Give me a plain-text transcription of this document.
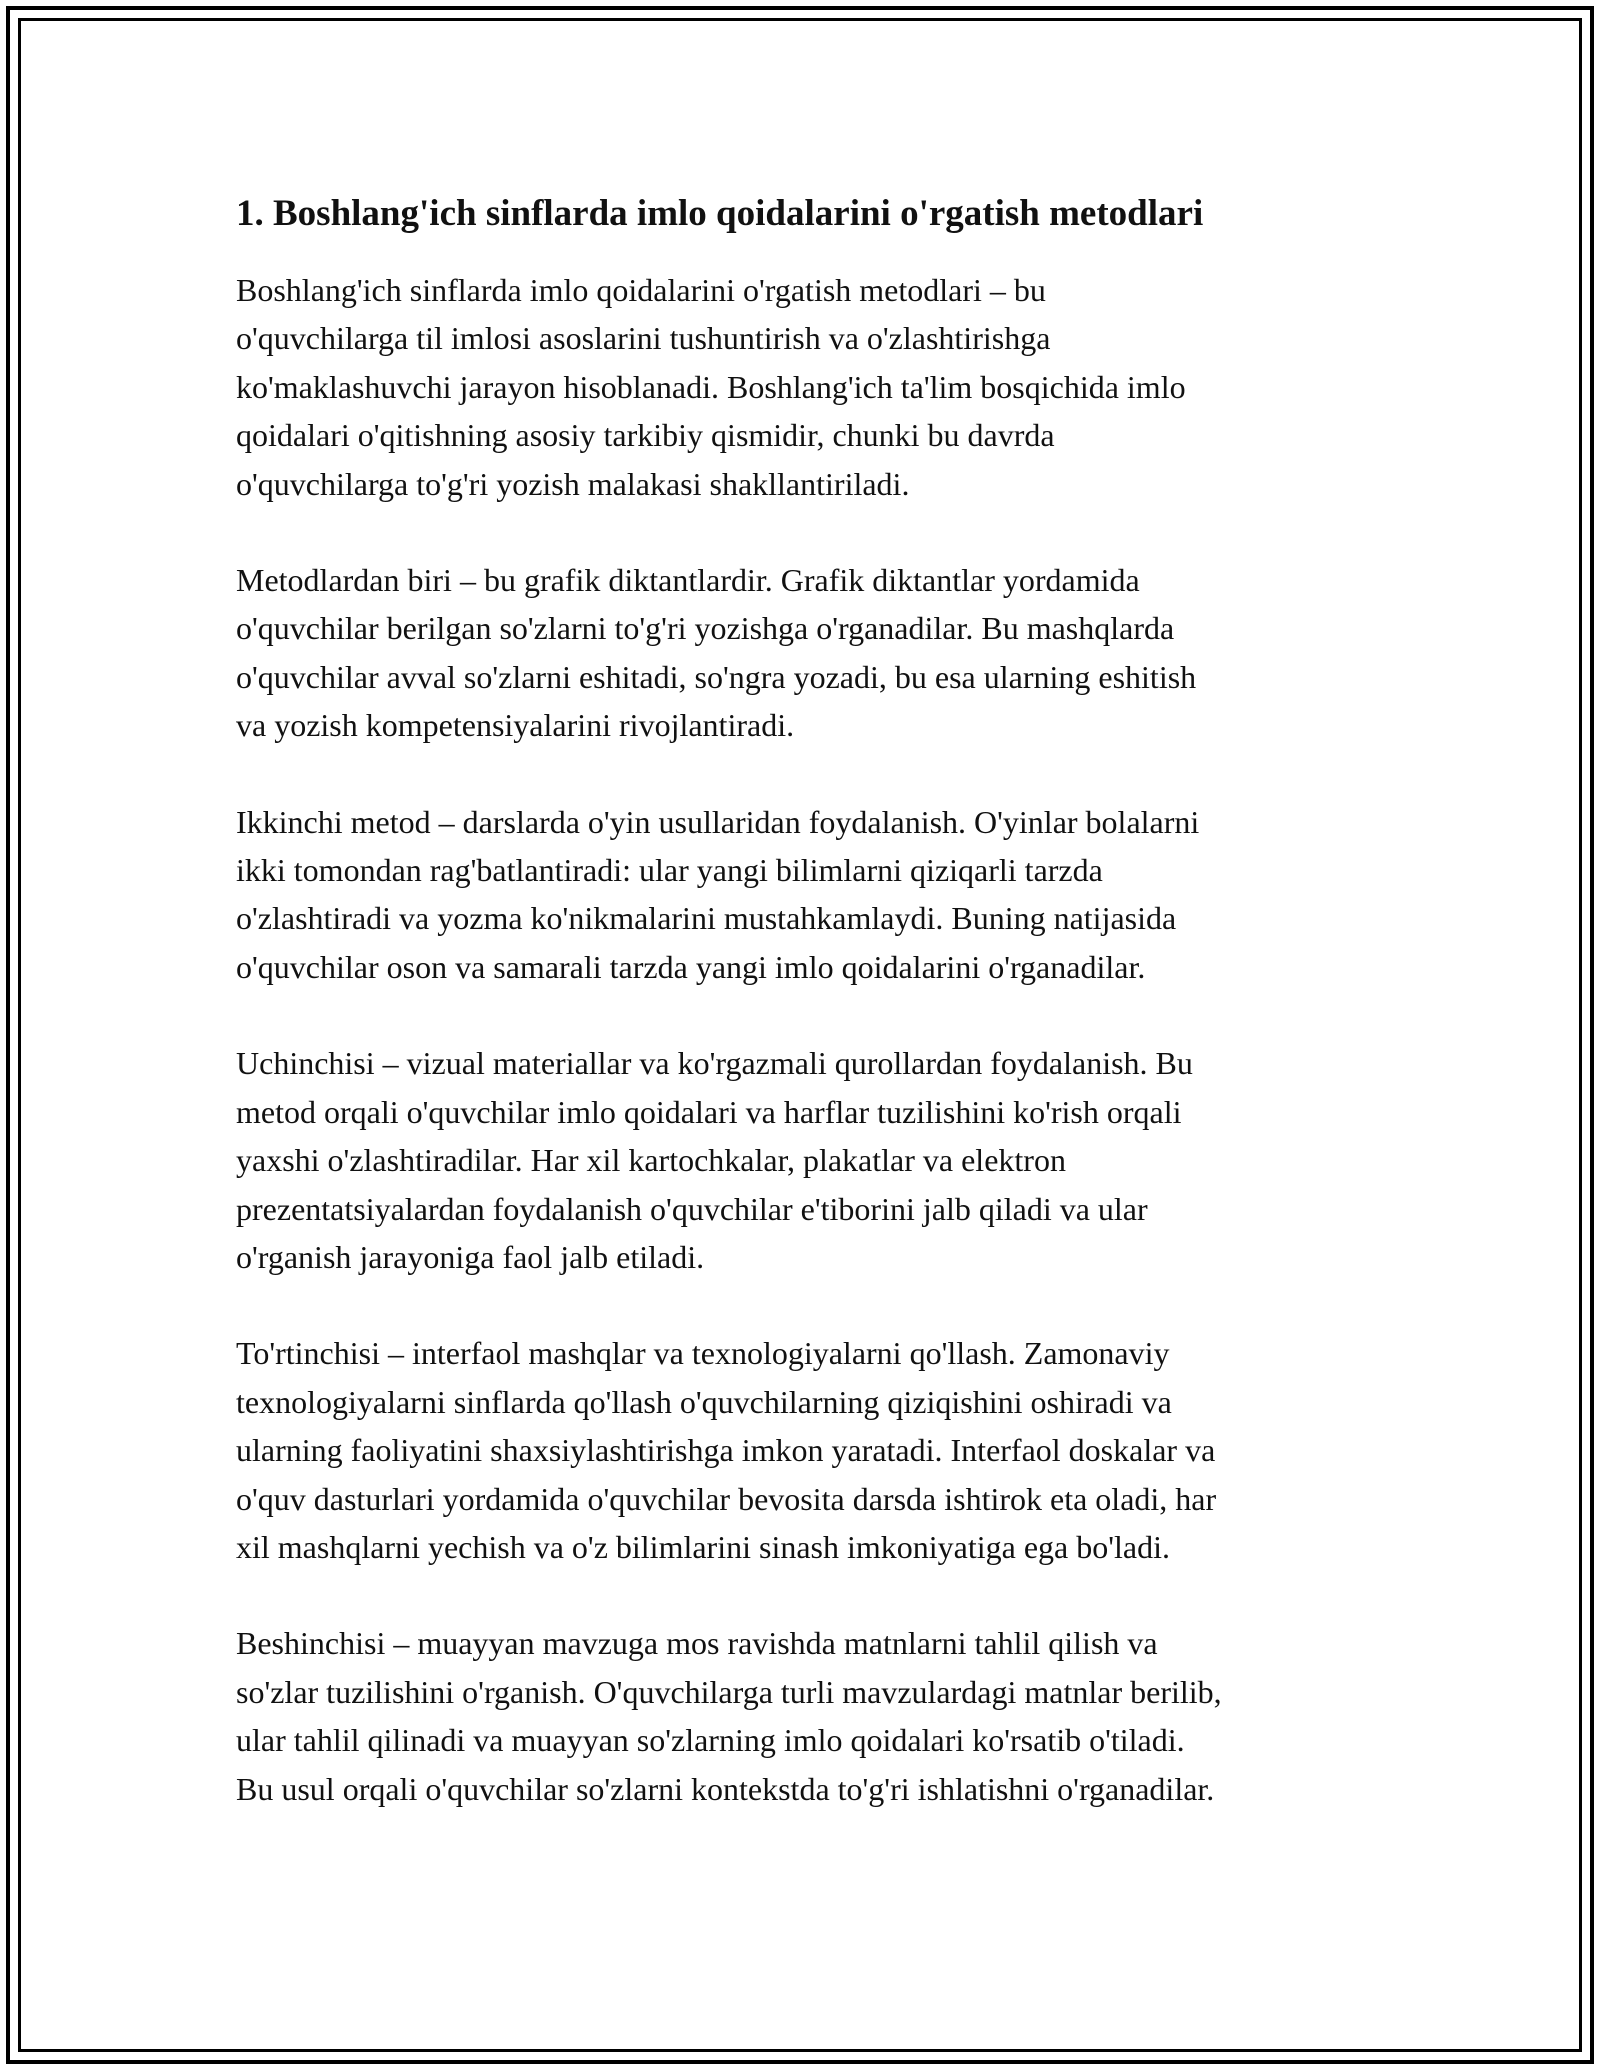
1. Boshlang'ich sinflarda imlo qoidalarini o'rgatish metodlari
Boshlang'ich sinflarda imlo qoidalarini o'rgatish metodlari – bu
o'quvchilarga til imlosi asoslarini tushuntirish va o'zlashtirishga
ko'maklashuvchi jarayon hisoblanadi. Boshlang'ich ta'lim bosqichida imlo
qoidalari o'qitishning asosiy tarkibiy qismidir, chunki bu davrda
o'quvchilarga to'g'ri yozish malakasi shakllantiriladi.
Metodlardan biri – bu grafik diktantlardir. Grafik diktantlar yordamida
o'quvchilar berilgan so'zlarni to'g'ri yozishga o'rganadilar. Bu mashqlarda
o'quvchilar avval so'zlarni eshitadi, so'ngra yozadi, bu esa ularning eshitish
va yozish kompetensiyalarini rivojlantiradi.
Ikkinchi metod – darslarda o'yin usullaridan foydalanish. O'yinlar bolalarni
ikki tomondan rag'batlantiradi: ular yangi bilimlarni qiziqarli tarzda
o'zlashtiradi va yozma ko'nikmalarini mustahkamlaydi. Buning natijasida
o'quvchilar oson va samarali tarzda yangi imlo qoidalarini o'rganadilar.
Uchinchisi – vizual materiallar va ko'rgazmali qurollardan foydalanish. Bu
metod orqali o'quvchilar imlo qoidalari va harflar tuzilishini ko'rish orqali
yaxshi o'zlashtiradilar. Har xil kartochkalar, plakatlar va elektron
prezentatsiyalardan foydalanish o'quvchilar e'tiborini jalb qiladi va ular
o'rganish jarayoniga faol jalb etiladi.
To'rtinchisi – interfaol mashqlar va texnologiyalarni qo'llash. Zamonaviy
texnologiyalarni sinflarda qo'llash o'quvchilarning qiziqishini oshiradi va
ularning faoliyatini shaxsiylashtirishga imkon yaratadi. Interfaol doskalar va
o'quv dasturlari yordamida o'quvchilar bevosita darsda ishtirok eta oladi, har
xil mashqlarni yechish va o'z bilimlarini sinash imkoniyatiga ega bo'ladi.
Beshinchisi – muayyan mavzuga mos ravishda matnlarni tahlil qilish va
so'zlar tuzilishini o'rganish. O'quvchilarga turli mavzulardagi matnlar berilib,
ular tahlil qilinadi va muayyan so'zlarning imlo qoidalari ko'rsatib o'tiladi.
Bu usul orqali o'quvchilar so'zlarni kontekstda to'g'ri ishlatishni o'rganadilar.
